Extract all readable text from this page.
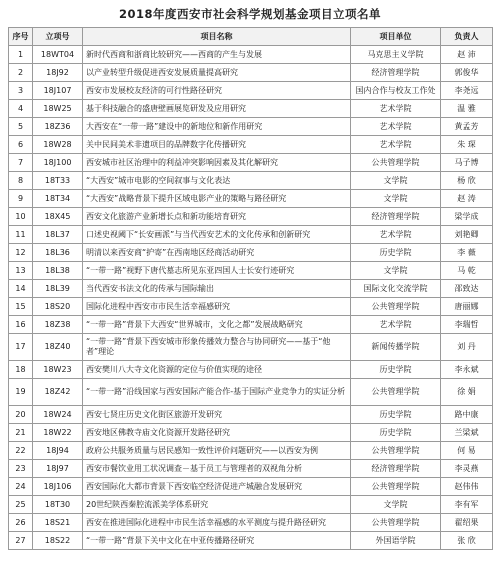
2018年度西安市社会科学规划基金项目立项名单
序号	立项号	项目名称	项目单位	负责人
1	18WT04	新时代西商和浙商比较研究——西商的产生与发展	马克思主义学院	赵 沛
2	18J92	以产业转型升级促进西安发展质量提高研究	经济管理学院	郭俊华
3	18J107	西安市发展校友经济的可行性路径研究	国内合作与校友工作处	李尧远
4	18W25	基于科技融合的盛唐壁画展览研发及应用研究	艺术学院	温 雅
5	18Z36	大西安在“一带一路”建设中的新地位和新作用研究	艺术学院	黄孟芳
6	18W28	关中民间美术非遗项目的品牌数字化传播研究	艺术学院	朱 琛
7	18J100	西安城市社区治理中的利益冲突影响因素及其化解研究	公共管理学院	马子博
8	18T33	“大西安”城市电影的空间叙事与文化表达	文学院	杨 欣
9	18T34	“大西安”战略背景下提升区域电影产业的策略与路径研究	文学院	赵 涛
10	18X45	西安文化旅游产业新增长点和新功能培育研究	经济管理学院	梁学成
11	18L37	口述史视阈下“长安画派”与当代西安艺术的文化传承和创新研究	艺术学院	刘艳卿
12	18L36	明清以来西安商“护寄”在西南地区经商活动研究	历史学院	李 薇
13	18L38	“一带一路”视野下唐代墓志所见东亚四国人士长安行迹研究	文学院	马 乾
14	18L39	当代西安书法文化的传承与国际输出	国际文化交流学院	邵致达
15	18S20	国际化进程中西安市市民生活幸福感研究	公共管理学院	唐丽娜
16	18Z38	“一带一路”背景下大西安“世界城市，文化之都”发展战略研究	艺术学院	李瑞哲
17	18Z40	“一带一路”背景下西安城市形象传播效力整合与协同研究——基于“他者”理论	新闻传播学院	刘 丹
18	18W23	西安樊川八大寺文化资源的定位与价值实现的途径	历史学院	李永斌
19	18Z42	“一带一路”沿线国家与西安国际产能合作-基于国际产业竞争力的实证分析	公共管理学院	徐 娟
20	18W24	西安七贤庄历史文化街区旅游开发研究	历史学院	路中康
21	18W22	西安地区佛教寺庙文化资源开发路径研究	历史学院	兰梁斌
22	18J94	政府公共服务质量与居民感知一致性评价问题研究——以西安为例	公共管理学院	何 易
23	18J97	西安市餐饮业用工状况调查－基于员工与管理者的双视角分析	经济管理学院	李灵燕
24	18J106	西安国际化大都市背景下西安临空经济促进产城融合发展研究	公共管理学院	赵伟伟
25	18T30	20世纪陕西秦腔流派美学体系研究	文学院	李有军
26	18S21	西安在推进国际化进程中市民生活幸福感的水平测度与提升路径研究	公共管理学院	翟绍果
27	18S22	“一带一路”背景下关中文化在中亚传播路径研究	外国语学院	张 欣
